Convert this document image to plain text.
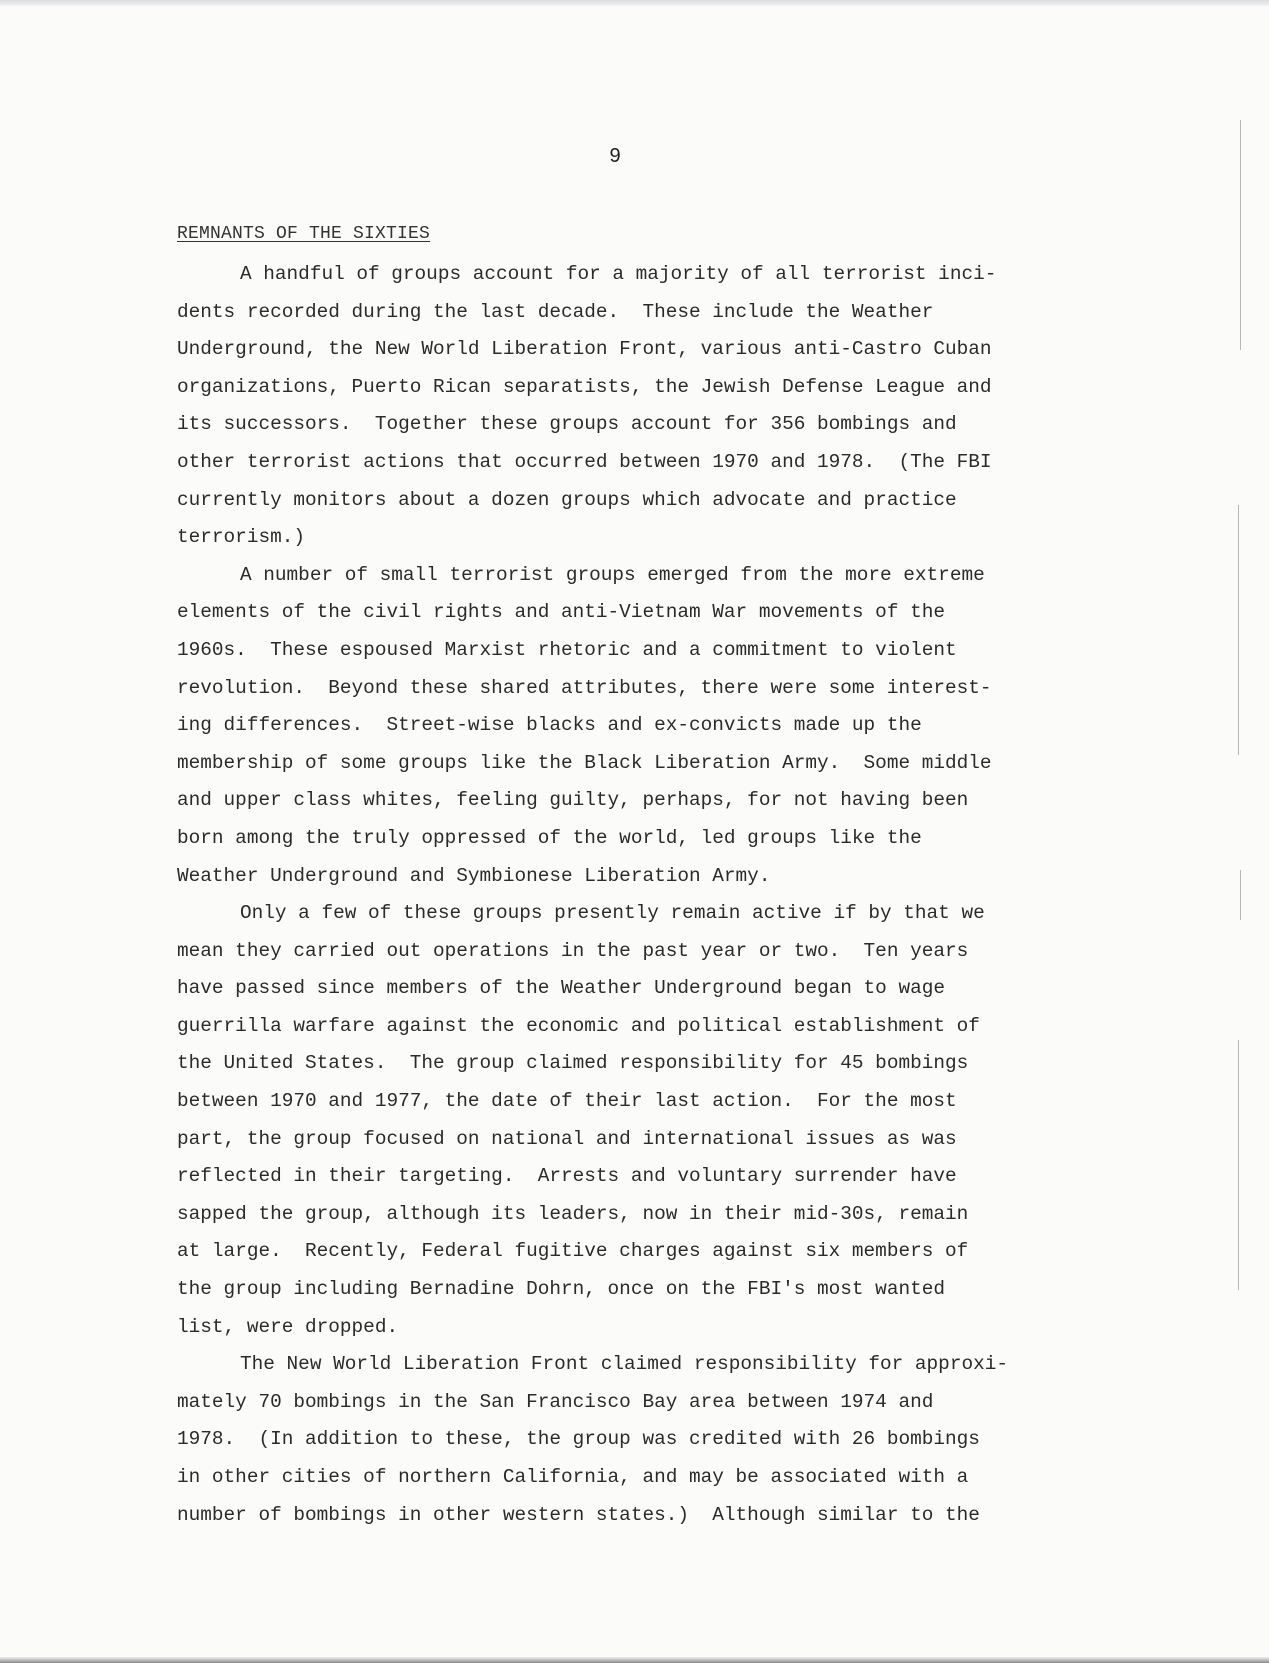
9
REMNANTS OF THE SIXTIES
A handful of groups account for a majority of all terrorist inci-
dents recorded during the last decade.  These include the Weather
Underground, the New World Liberation Front, various anti-Castro Cuban
organizations, Puerto Rican separatists, the Jewish Defense League and
its successors.  Together these groups account for 356 bombings and
other terrorist actions that occurred between 1970 and 1978.  (The FBI
currently monitors about a dozen groups which advocate and practice
terrorism.)
A number of small terrorist groups emerged from the more extreme
elements of the civil rights and anti-Vietnam War movements of the
1960s.  These espoused Marxist rhetoric and a commitment to violent
revolution.  Beyond these shared attributes, there were some interest-
ing differences.  Street-wise blacks and ex-convicts made up the
membership of some groups like the Black Liberation Army.  Some middle
and upper class whites, feeling guilty, perhaps, for not having been
born among the truly oppressed of the world, led groups like the
Weather Underground and Symbionese Liberation Army.
Only a few of these groups presently remain active if by that we
mean they carried out operations in the past year or two.  Ten years
have passed since members of the Weather Underground began to wage
guerrilla warfare against the economic and political establishment of
the United States.  The group claimed responsibility for 45 bombings
between 1970 and 1977, the date of their last action.  For the most
part, the group focused on national and international issues as was
reflected in their targeting.  Arrests and voluntary surrender have
sapped the group, although its leaders, now in their mid-30s, remain
at large.  Recently, Federal fugitive charges against six members of
the group including Bernadine Dohrn, once on the FBI's most wanted
list, were dropped.
The New World Liberation Front claimed responsibility for approxi-
mately 70 bombings in the San Francisco Bay area between 1974 and
1978.  (In addition to these, the group was credited with 26 bombings
in other cities of northern California, and may be associated with a
number of bombings in other western states.)  Although similar to the
